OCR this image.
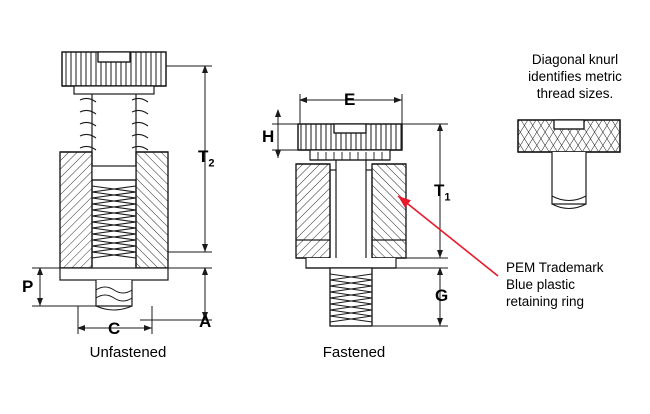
$T_2$
P
A
C
E
H
$T_1$
G
Unfastened	Fastened
Diagonal knurl
identifies metric
thread sizes.
PEM Trademark
Blue plastic
retaining ring
